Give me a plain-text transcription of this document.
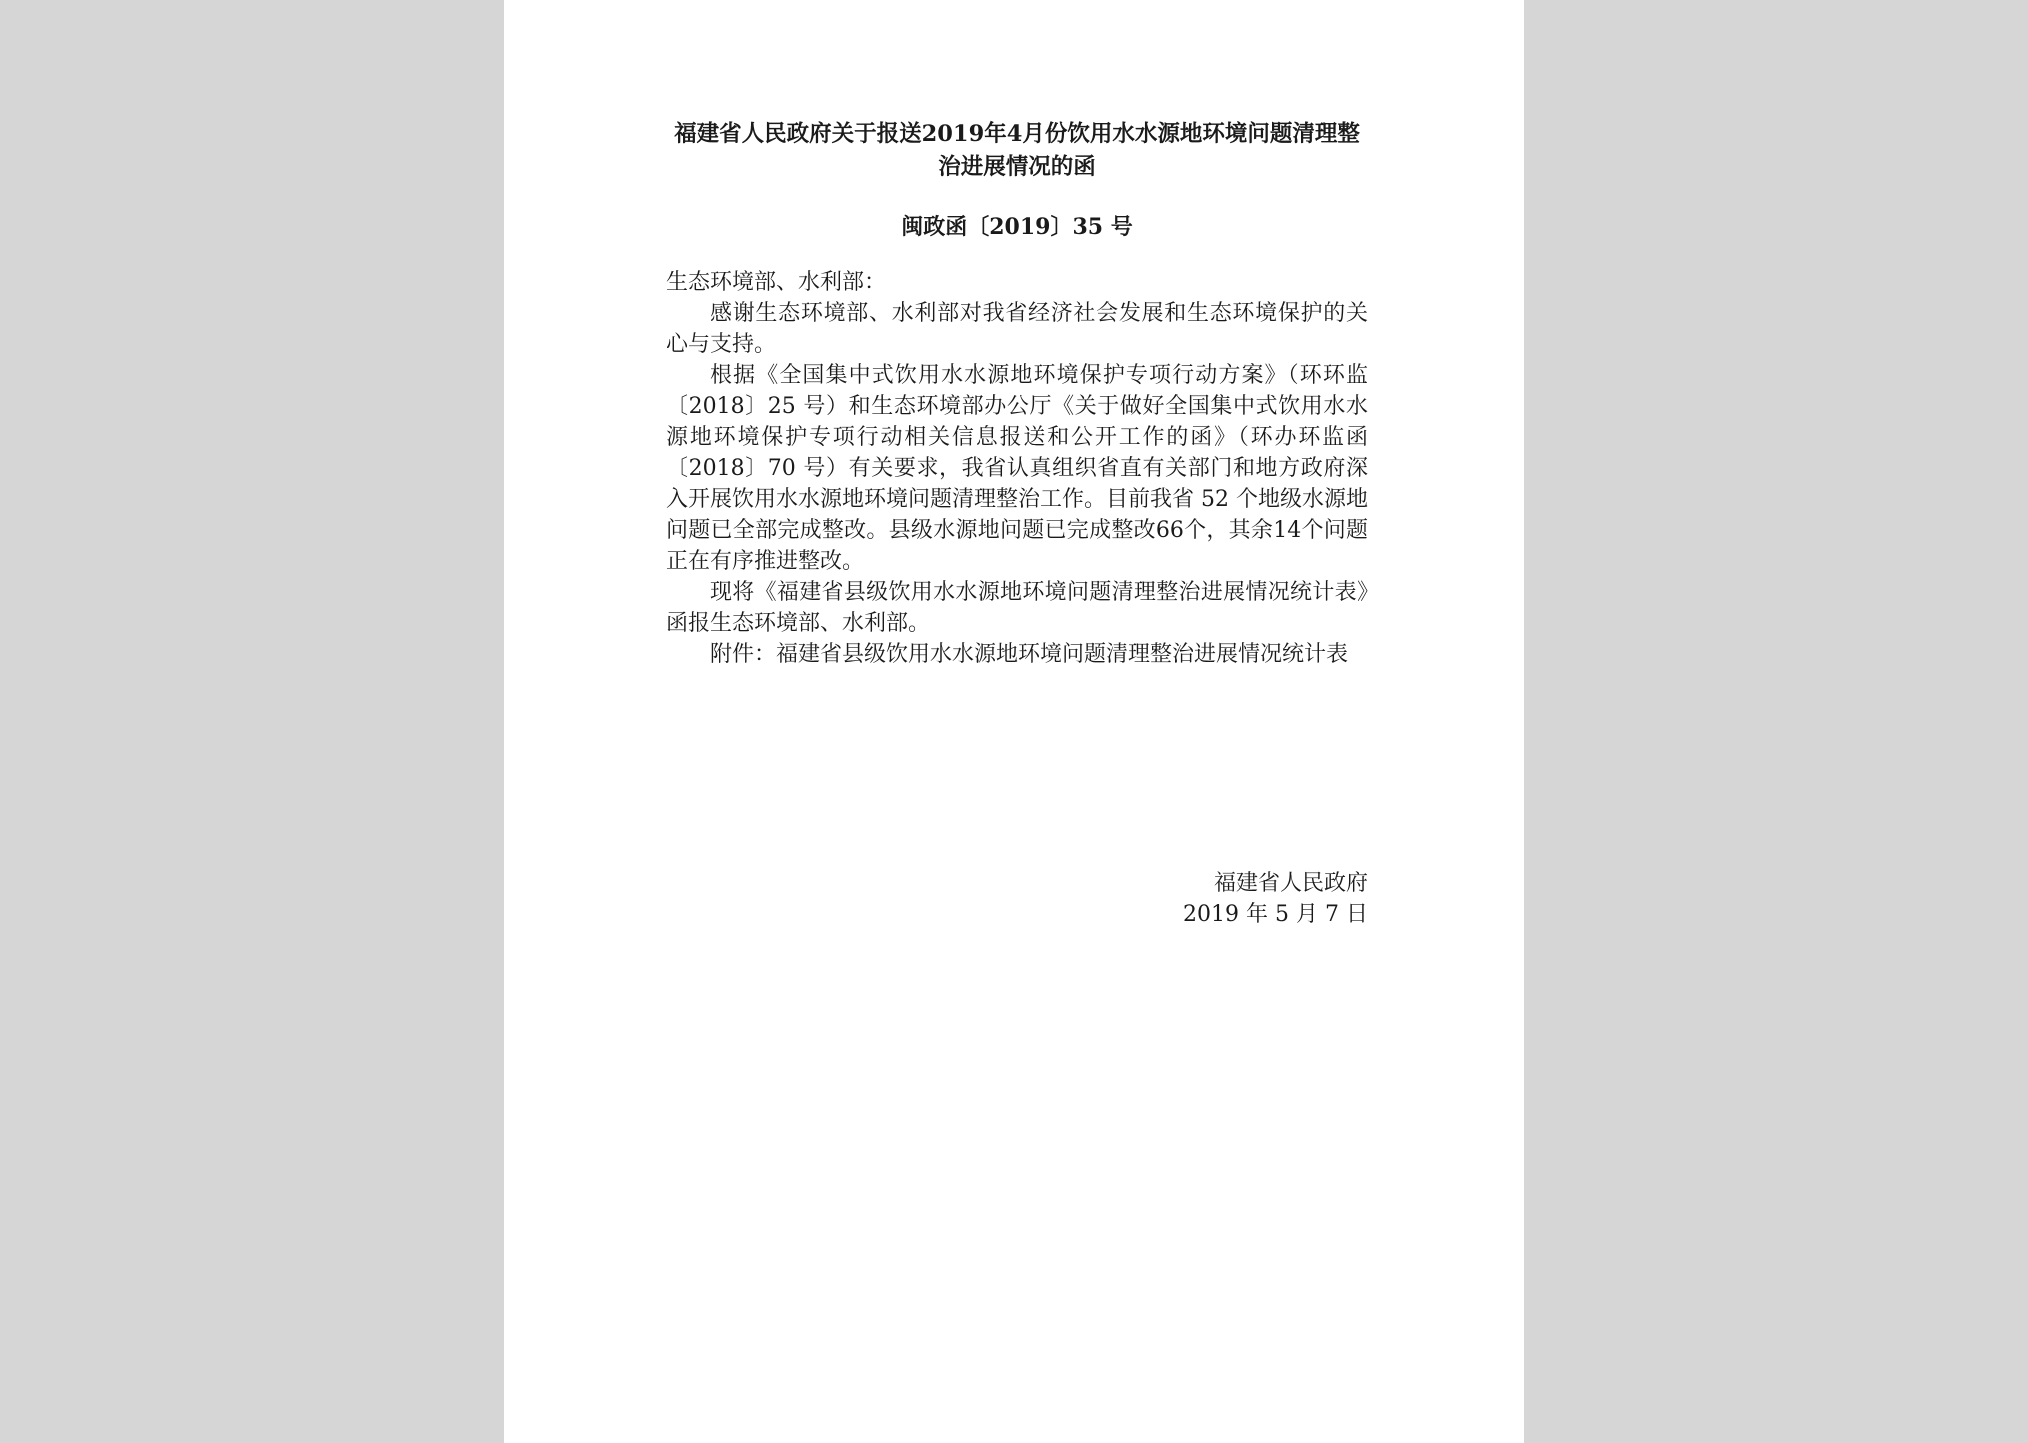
福建省人民政府关于报送2019年4月份饮用水水源地环境问题清理整治进展情况的函
闽政函〔2019〕35 号
生态环境部、水利部：
感谢生态环境部、水利部对我省经济社会发展和生态环境保护的关心与支持。
根据《全国集中式饮用水水源地环境保护专项行动方案》（环环监〔2018〕25 号）和生态环境部办公厅《关于做好全国集中式饮用水水源地环境保护专项行动相关信息报送和公开工作的函》（环办环监函〔2018〕70 号）有关要求，我省认真组织省直有关部门和地方政府深入开展饮用水水源地环境问题清理整治工作。目前我省 52 个地级水源地问题已全部完成整改。县级水源地问题已完成整改66个，其余14个问题正在有序推进整改。
现将《福建省县级饮用水水源地环境问题清理整治进展情况统计表》函报生态环境部、水利部。
附件：福建省县级饮用水水源地环境问题清理整治进展情况统计表
福建省人民政府
2019 年 5 月 7 日
